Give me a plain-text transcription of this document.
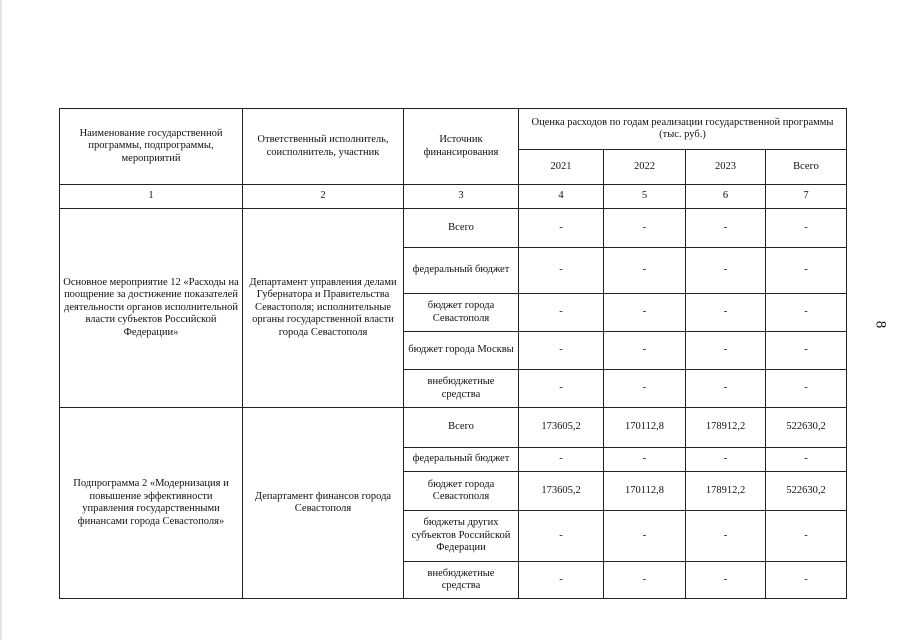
8
Наименование государственной программы, подпрограммы, мероприятий	Ответственный исполнитель, соисполнитель, участник	Источник финансирования	Оценка расходов по годам реализации государственной программы (тыс. руб.)			
			2021	2022	2023	Всего
1	2	3	4	5	6	7
Основное мероприятие 12 «Расходы на поощрение за достижение показателей деятельности органов исполнительной власти субъектов Российской Федерации»	Департамент управления делами Губернатора и Правительства Севастополя; исполнительные органы государственной власти города Севастополя	Всего	-	-	-	-
		федеральный бюджет	-	-	-	-
		бюджет города Севастополя	-	-	-	-
		бюджет города Москвы	-	-	-	-
		внебюджетные средства	-	-	-	-
Подпрограмма 2 «Модернизация и повышение эффективности управления государственными финансами города Севастополя»	Департамент финансов города Севастополя	Всего	173605,2	170112,8	178912,2	522630,2
		федеральный бюджет	-	-	-	-
		бюджет города Севастополя	173605,2	170112,8	178912,2	522630,2
		бюджеты других субъектов Российской Федерации	-	-	-	-
		внебюджетные средства	-	-	-	-
